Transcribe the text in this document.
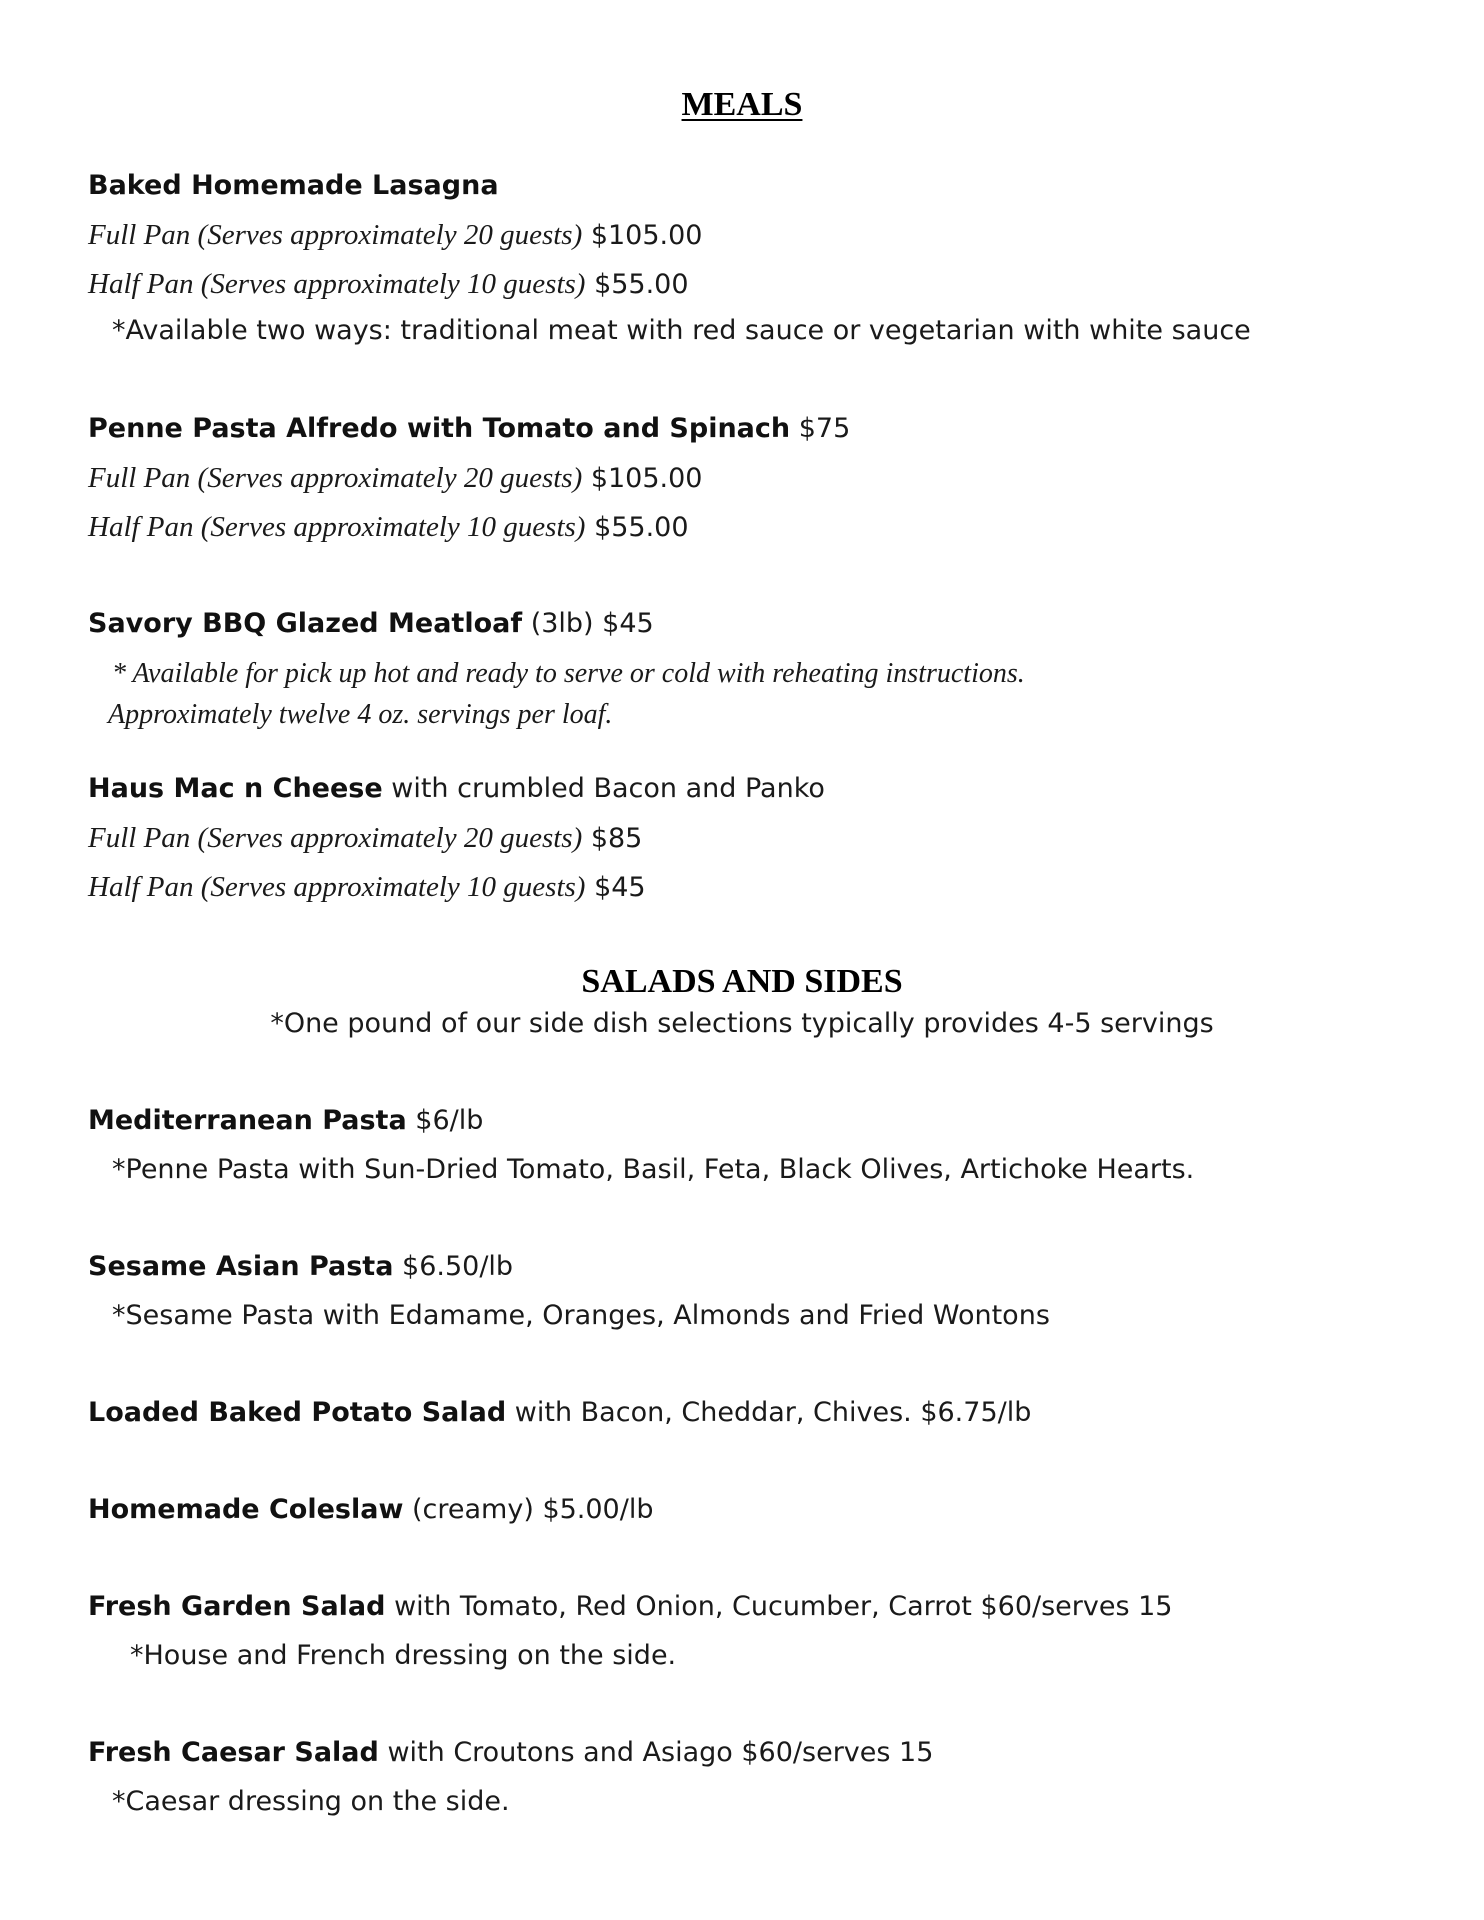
MEALS
Baked Homemade Lasagna
Full Pan (Serves approximately 20 guests) $105.00
Half Pan (Serves approximately 10 guests) $55.00
*Available two ways: traditional meat with red sauce or vegetarian with white sauce
Penne Pasta Alfredo with Tomato and Spinach $75
Full Pan (Serves approximately 20 guests) $105.00
Half Pan (Serves approximately 10 guests) $55.00
Savory BBQ Glazed Meatloaf (3lb) $45
* Available for pick up hot and ready to serve or cold with reheating instructions.
Approximately twelve 4 oz. servings per loaf.
Haus Mac n Cheese with crumbled Bacon and Panko
Full Pan (Serves approximately 20 guests) $85
Half Pan (Serves approximately 10 guests) $45
SALADS AND SIDES
*One pound of our side dish selections typically provides 4-5 servings
Mediterranean Pasta $6/lb
*Penne Pasta with Sun-Dried Tomato, Basil, Feta, Black Olives, Artichoke Hearts.
Sesame Asian Pasta $6.50/lb
*Sesame Pasta with Edamame, Oranges, Almonds and Fried Wontons
Loaded Baked Potato Salad with Bacon, Cheddar, Chives. $6.75/lb
Homemade Coleslaw (creamy) $5.00/lb
Fresh Garden Salad with Tomato, Red Onion, Cucumber, Carrot $60/serves 15
*House and French dressing on the side.
Fresh Caesar Salad with Croutons and Asiago $60/serves 15
*Caesar dressing on the side.
